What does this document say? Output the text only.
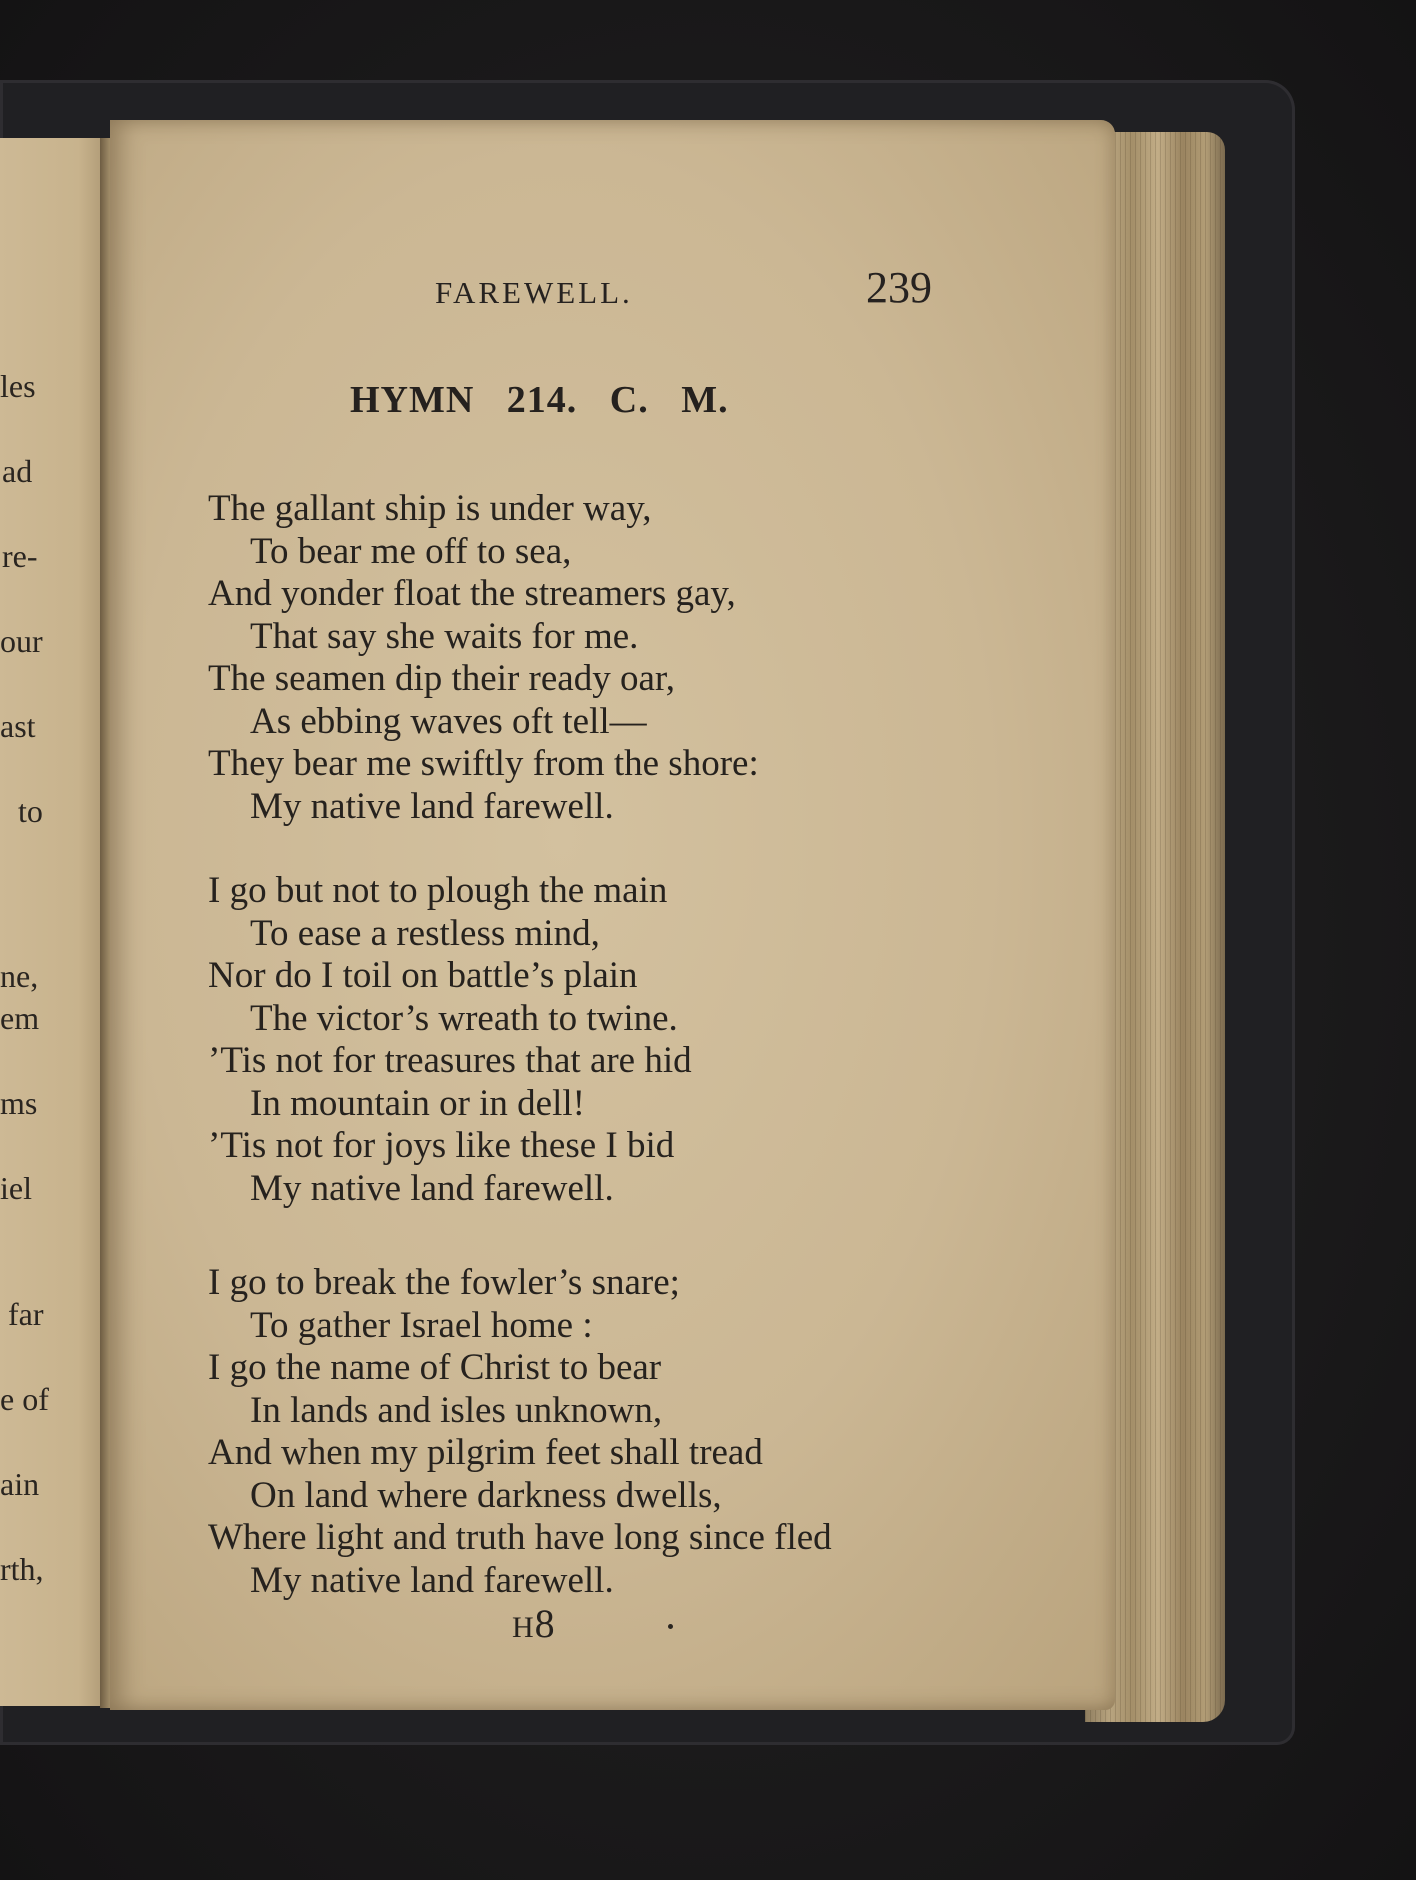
les
ad
re-
our
ast
to
ne,
em
ms
iel
far
e of
ain
rth,
FAREWELL.	239
HYMN 214. C. M.
The gallant ship is under way,
To bear me off to sea,
And yonder float the streamers gay,
That say she waits for me.
The seamen dip their ready oar,
As ebbing waves oft tell—
They bear me swiftly from the shore:
My native land farewell.
I go but not to plough the main
To ease a restless mind,
Nor do I toil on battle’s plain
The victor’s wreath to twine.
’Tis not for treasures that are hid
In mountain or in dell!
’Tis not for joys like these I bid
My native land farewell.
I go to break the fowler’s snare;
To gather Israel home :
I go the name of Christ to bear
In lands and isles unknown,
And when my pilgrim feet shall tread
On land where darkness dwells,
Where light and truth have long since fled
My native land farewell.
H8
